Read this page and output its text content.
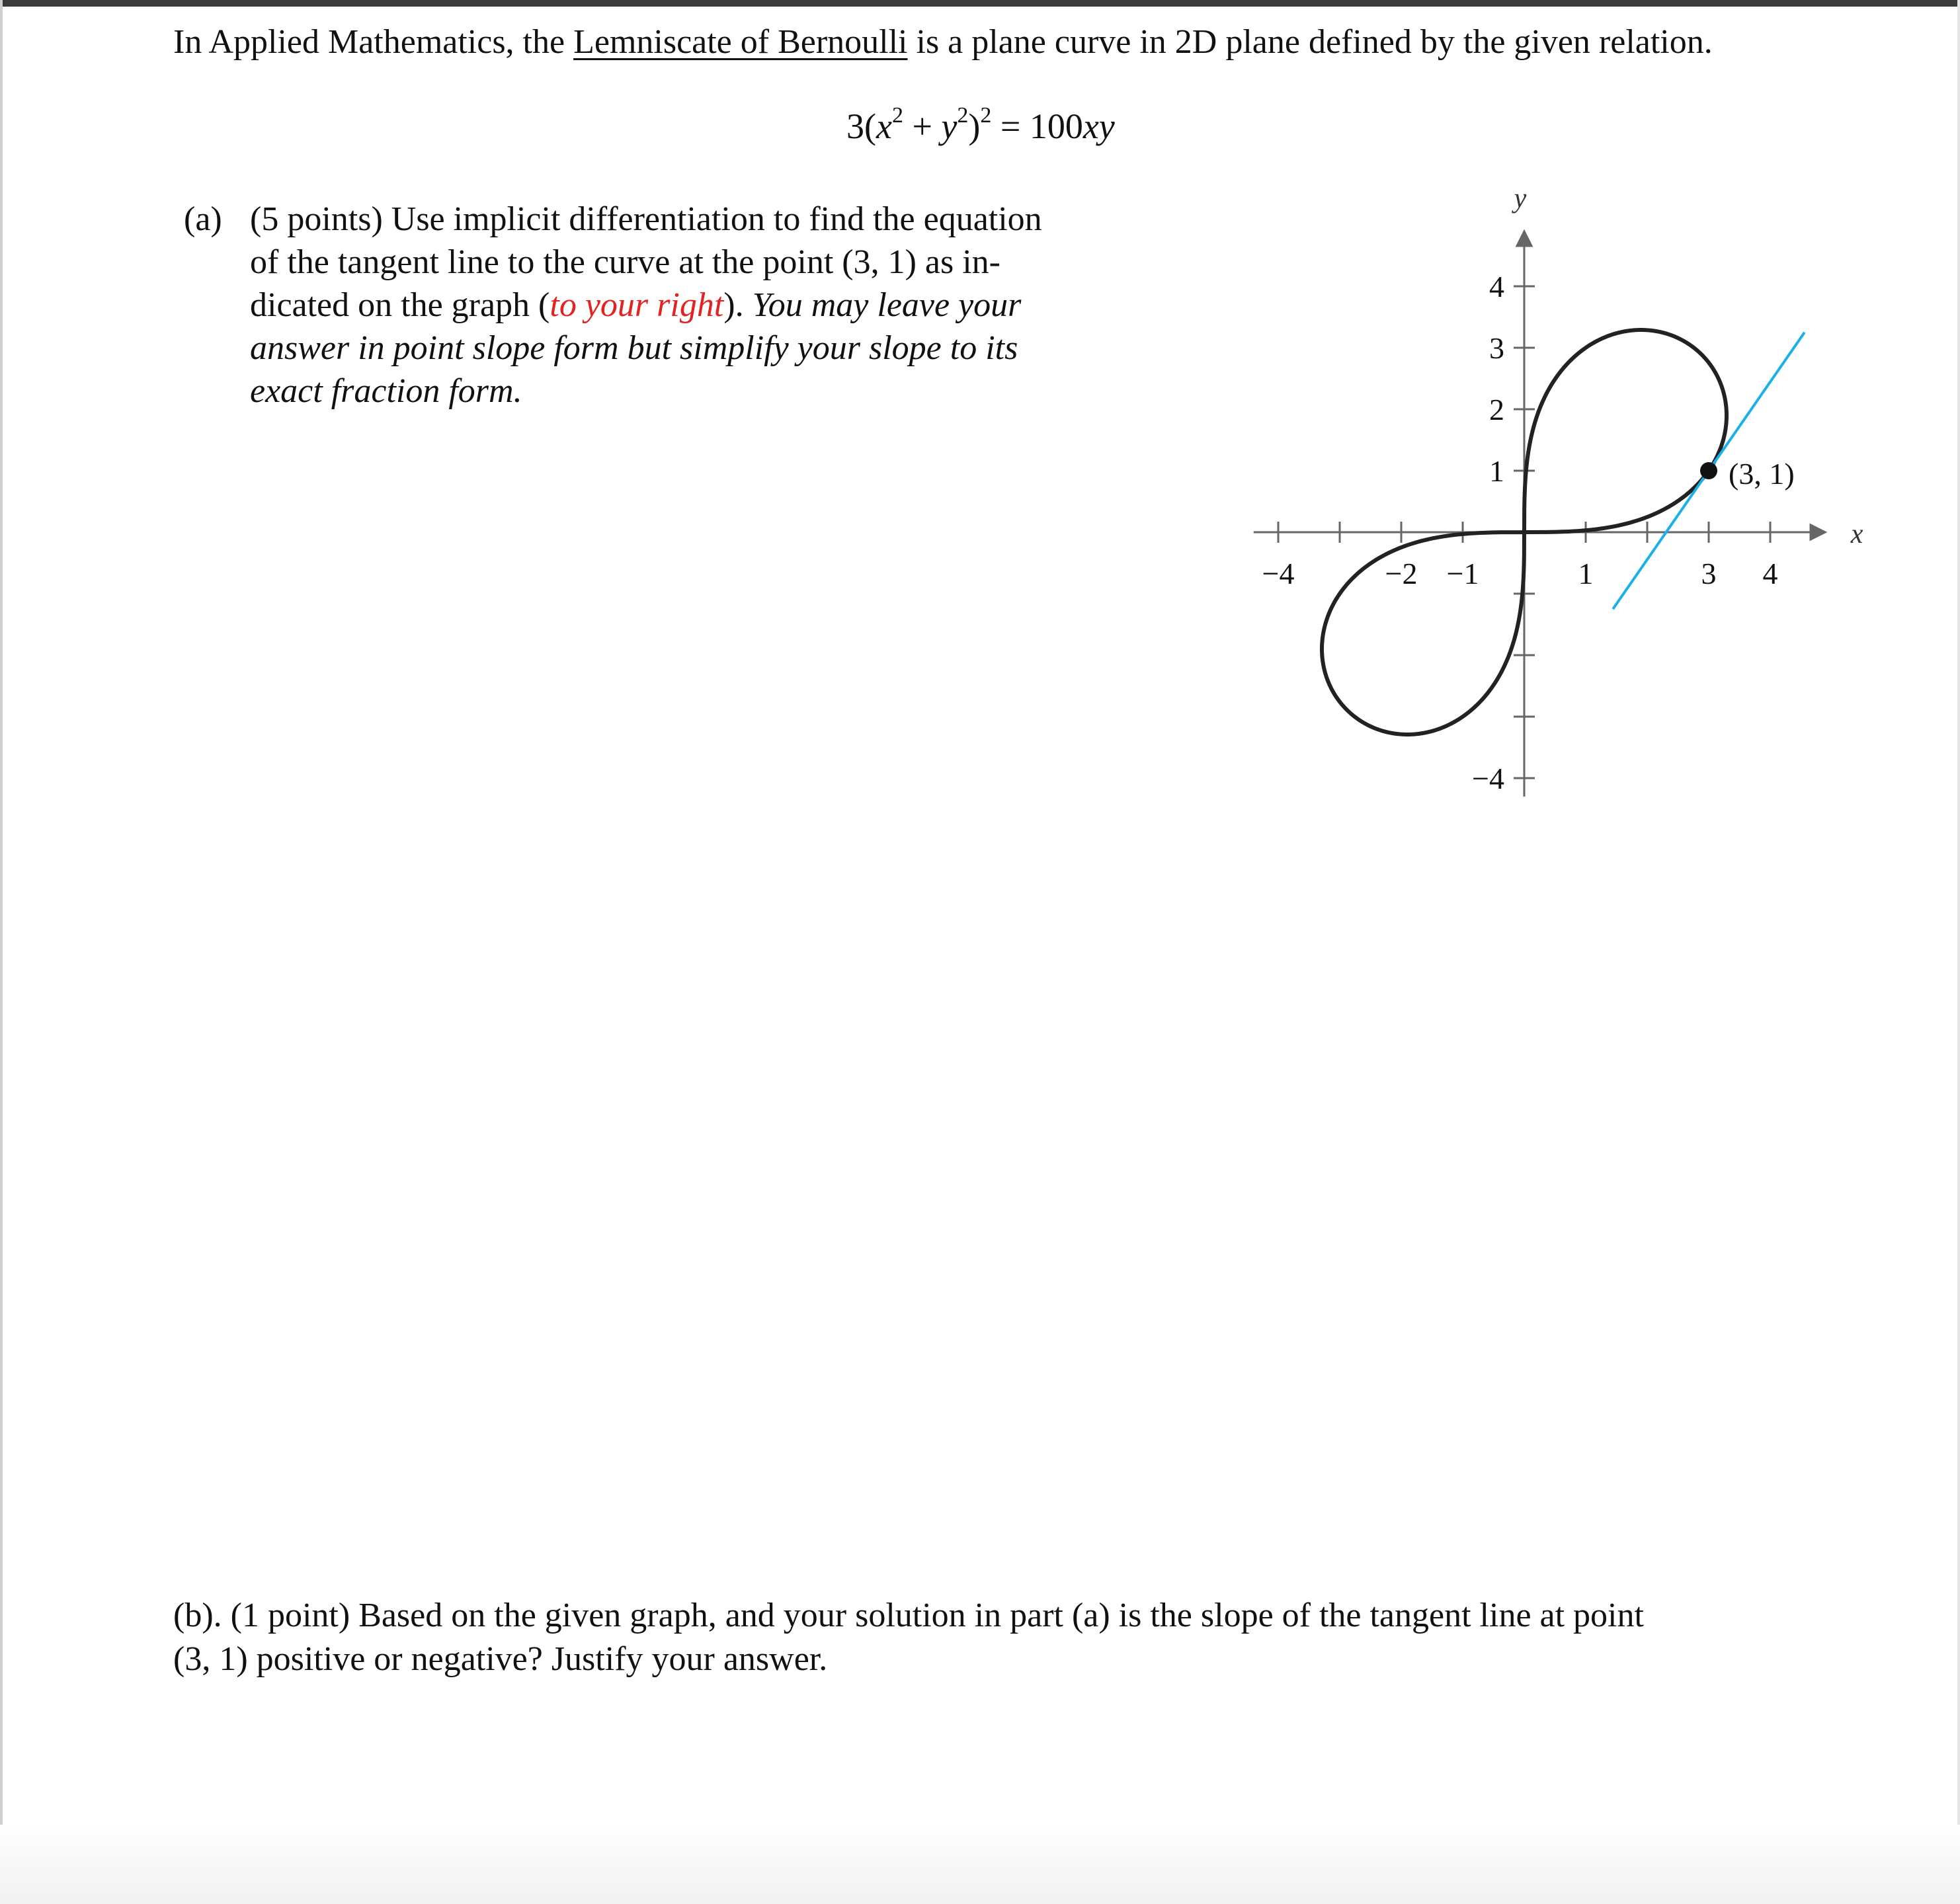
In Applied Mathematics, the Lemniscate of Bernoulli is a plane curve in 2D plane defined by the given relation.

$3(x^2 + y^2)^2 = 100xy$
(a) (5 points) Use implicit differentiation to find the equation

of the tangent line to the curve at the point (3, 1) as in-

dicated on the graph (to your right). You may leave your

answer in point slope form but simplify your slope to its

exact fraction form.

−4	−2 −1	1	3 4
4
3
2
1
−4
x
y
(3, 1)

(b). (1 point) Based on the given graph, and your solution in part (a) is the slope of the tangent line at point

(3, 1) positive or negative? Justify your answer.
